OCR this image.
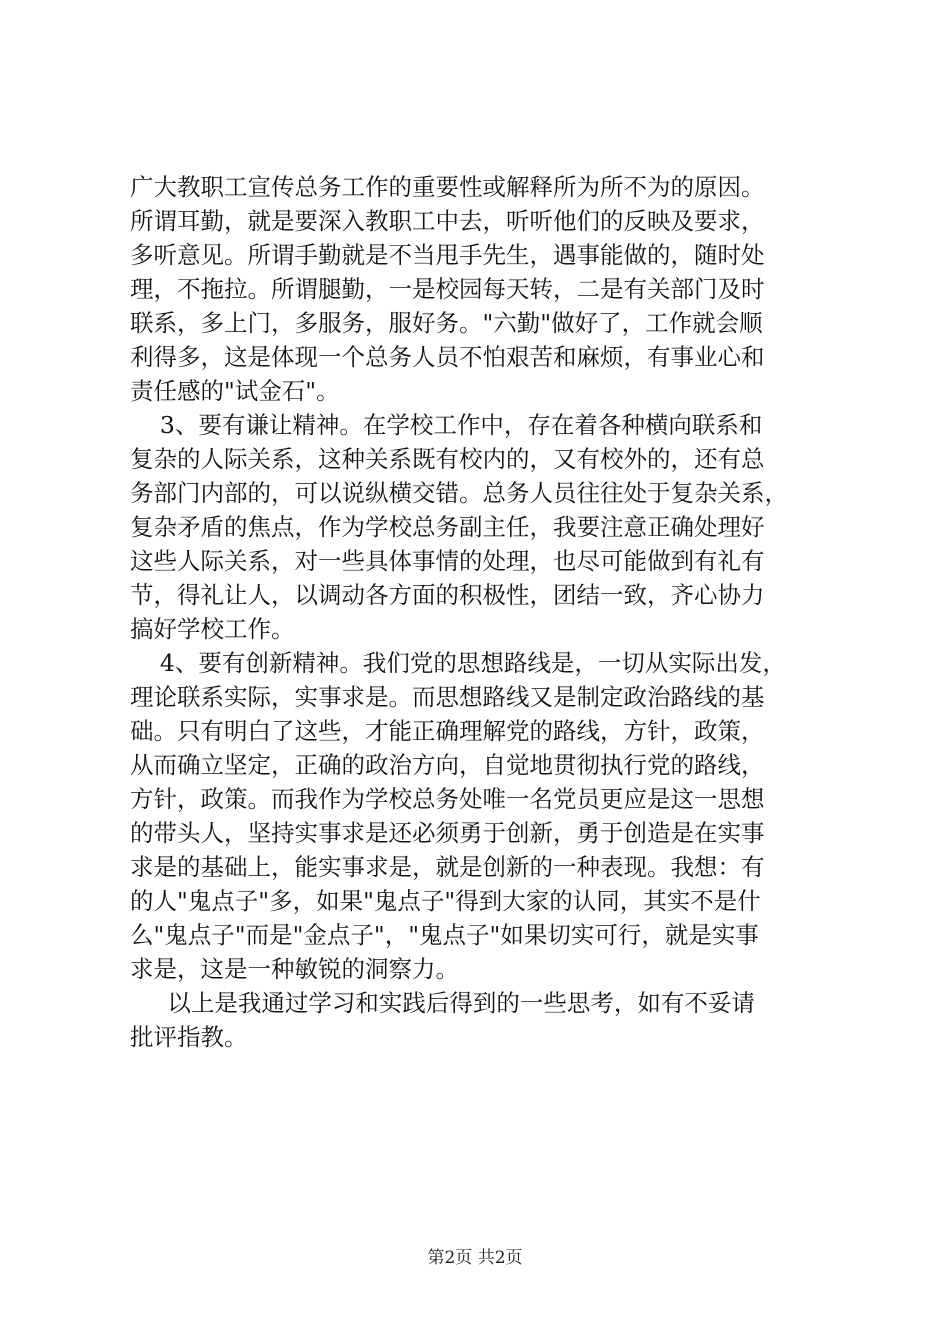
广大教职工宣传总务工作的重要性或解释所为所不为的原因。
所谓耳勤，就是要深入教职工中去，听听他们的反映及要求，
多听意见。所谓手勤就是不当甩手先生，遇事能做的，随时处
理，不拖拉。所谓腿勤，一是校园每天转，二是有关部门及时
联系，多上门，多服务，服好务。"六勤"做好了，工作就会顺
利得多，这是体现一个总务人员不怕艰苦和麻烦，有事业心和
责任感的"试金石"。
3、要有谦让精神。在学校工作中，存在着各种横向联系和
复杂的人际关系，这种关系既有校内的，又有校外的，还有总
务部门内部的，可以说纵横交错。总务人员往往处于复杂关系，
复杂矛盾的焦点，作为学校总务副主任，我要注意正确处理好
这些人际关系，对一些具体事情的处理，也尽可能做到有礼有
节，得礼让人，以调动各方面的积极性，团结一致，齐心协力
搞好学校工作。
4、要有创新精神。我们党的思想路线是，一切从实际出发，
理论联系实际，实事求是。而思想路线又是制定政治路线的基
础。只有明白了这些，才能正确理解党的路线，方针，政策，
从而确立坚定，正确的政治方向，自觉地贯彻执行党的路线，
方针，政策。而我作为学校总务处唯一名党员更应是这一思想
的带头人，坚持实事求是还必须勇于创新，勇于创造是在实事
求是的基础上，能实事求是，就是创新的一种表现。我想：有
的人"鬼点子"多，如果"鬼点子"得到大家的认同，其实不是什
么"鬼点子"而是"金点子"，"鬼点子"如果切实可行，就是实事
求是，这是一种敏锐的洞察力。
以上是我通过学习和实践后得到的一些思考，如有不妥请
批评指教。
第2页 共2页
